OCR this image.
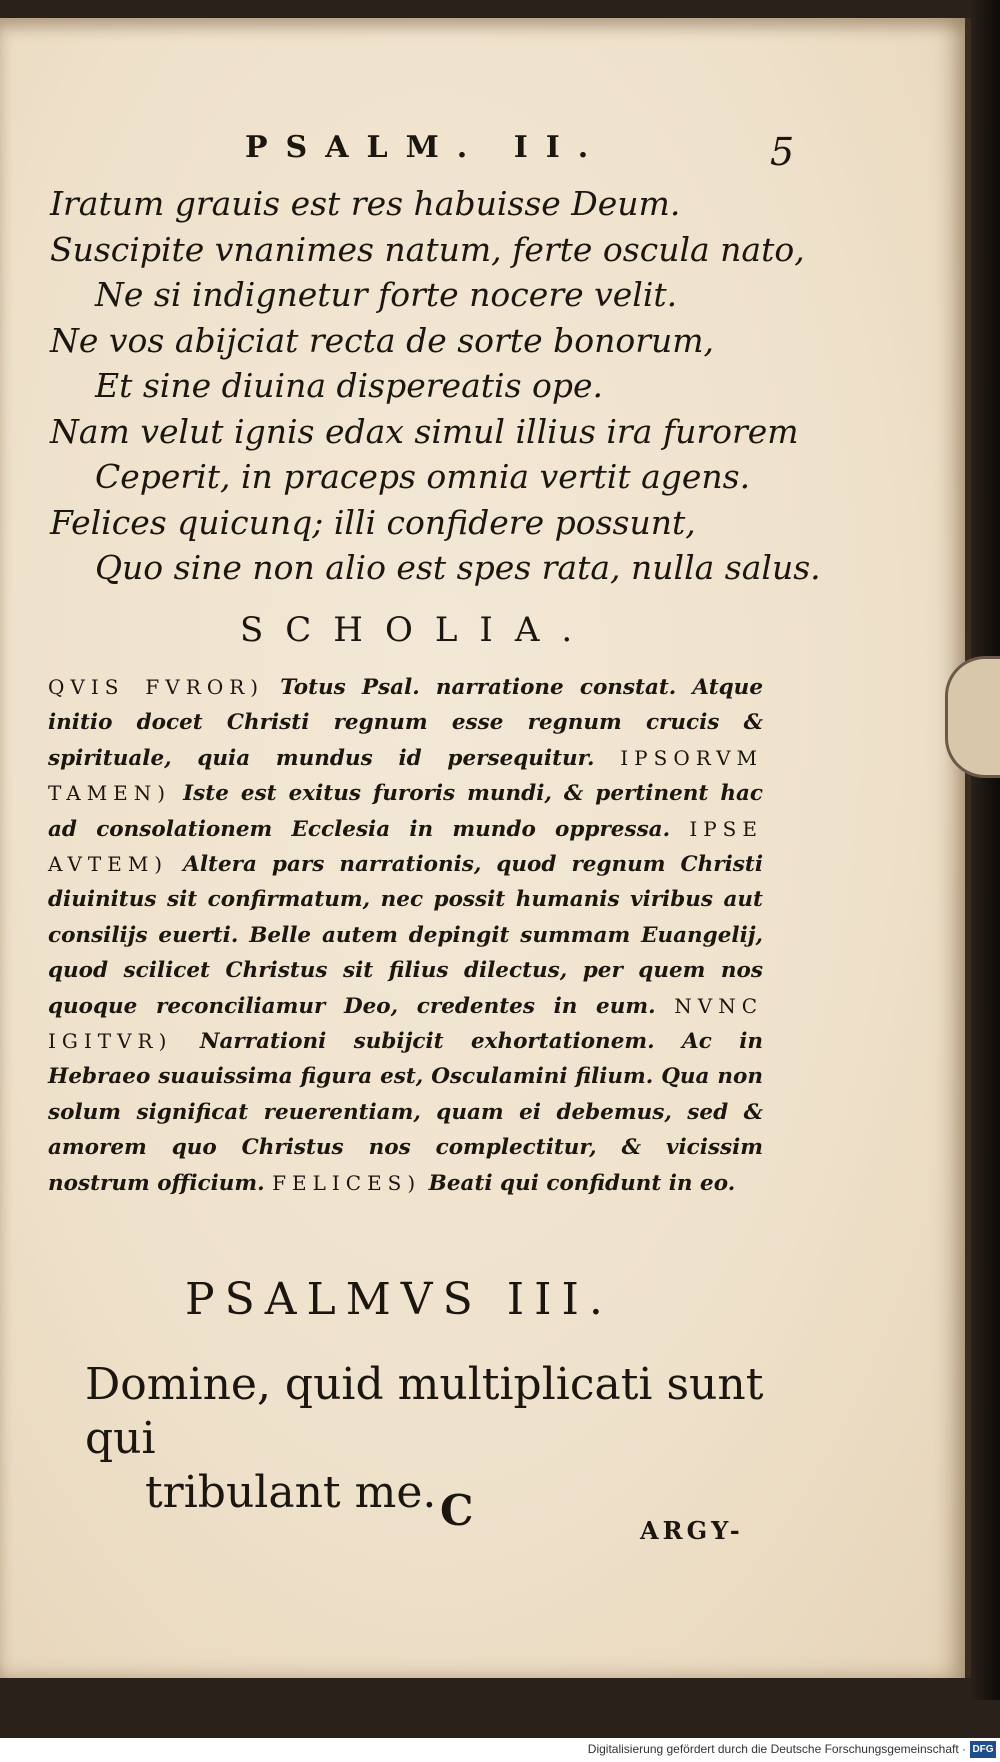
PSALM. II.	5
Iratum grauis est res habuisse Deum.
Suscipite vnanimes natum, ferte oscula nato,
Ne si indignetur forte nocere velit.
Ne vos abijciat recta de sorte bonorum,
Et sine diuina dispereatis ope.
Nam velut ignis edax simul illius ira furorem
Ceperit, in praceps omnia vertit agens.
Felices quicunq; illi confidere possunt,
Quo sine non alio est spes rata, nulla salus.
SCHOLIA.

QVIS FVROR) Totus Psal. narratione constat. Atque initio docet Christi regnum esse regnum crucis & spirituale, quia mundus id persequitur. IPSORVM TAMEN) Iste est exitus furoris mundi, & pertinent hac ad consolationem Ecclesia in mundo oppressa. IPSE AVTEM) Altera pars narrationis, quod regnum Christi diuinitus sit confirmatum, nec possit humanis viribus aut consilijs euerti. Belle autem depingit summam Euangelij, quod scilicet Christus sit filius dilectus, per quem nos quoque reconciliamur Deo, credentes in eum. NVNC IGITVR) Narrationi subijcit exhortationem. Ac in Hebraeo suauissima figura est, Osculamini filium. Qua non solum significat reuerentiam, quam ei debemus, sed & amorem quo Christus nos complectitur, & vicissim nostrum officium. FELICES) Beati qui confidunt in eo.

PSALMVS III.
Domine, quid multiplicati sunt qui
tribulant me. C	ARGY-
Digitalisierung gefördert durch die Deutsche Forschungsgemeinschaft · DFG
